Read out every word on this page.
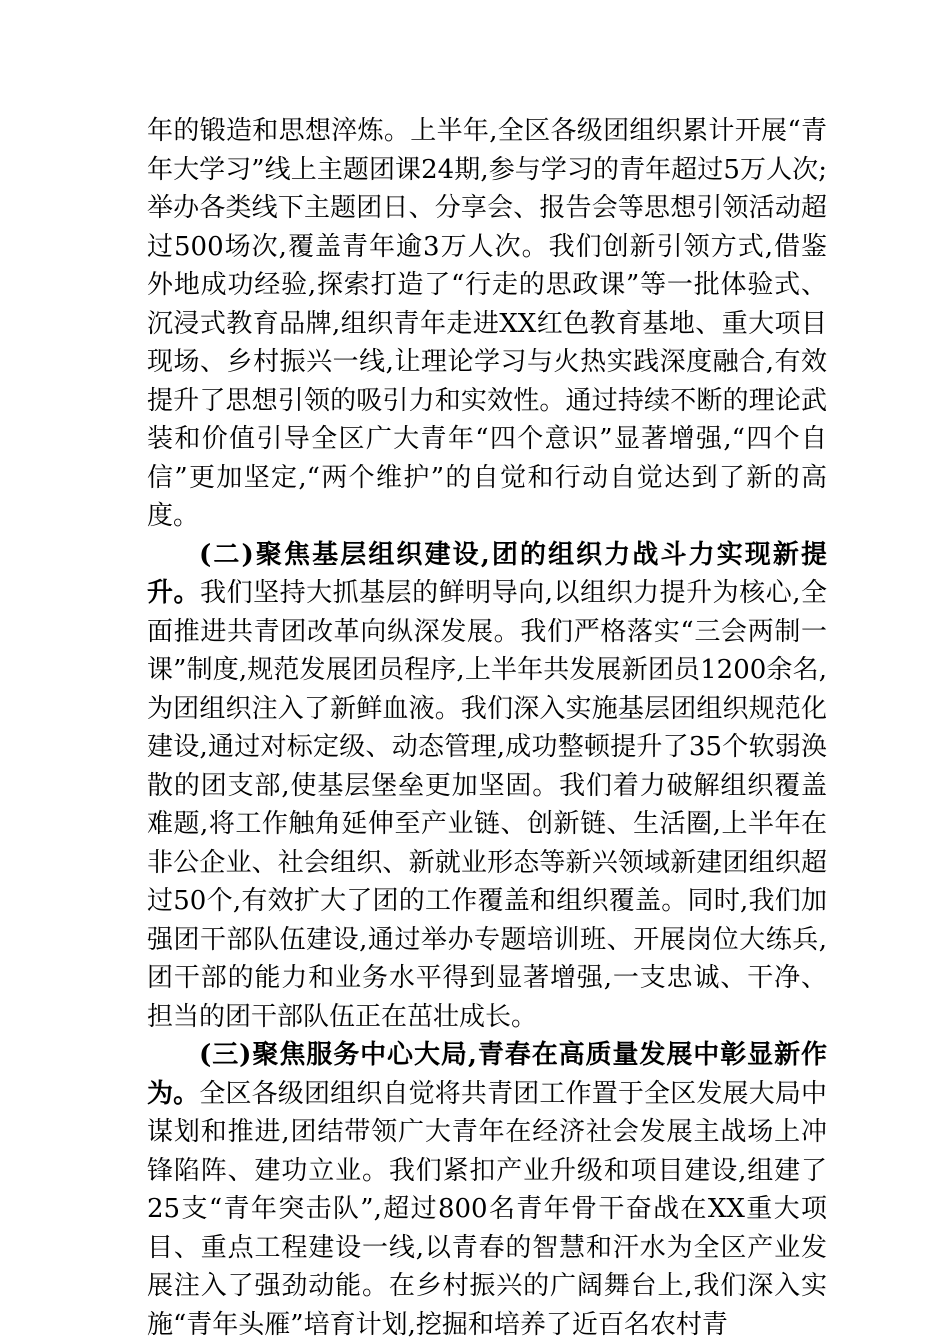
年的锻造和思想淬炼。上半年,全区各级团组织累计开展“青年大学习”线上主题团课24期,参与学习的青年超过5万人次;举办各类线下主题团日、分享会、报告会等思想引领活动超过500场次,覆盖青年逾3万人次。我们创新引领方式,借鉴外地成功经验,探索打造了“行走的思政课”等一批体验式、沉浸式教育品牌,组织青年走进XX红色教育基地、重大项目现场、乡村振兴一线,让理论学习与火热实践深度融合,有效提升了思想引领的吸引力和实效性。通过持续不断的理论武装和价值引导全区广大青年“四个意识”显著增强,“四个自信”更加坚定,“两个维护”的自觉和行动自觉达到了新的高度。

(二)聚焦基层组织建设,团的组织力战斗力实现新提升。我们坚持大抓基层的鲜明导向,以组织力提升为核心,全面推进共青团改革向纵深发展。我们严格落实“三会两制一课”制度,规范发展团员程序,上半年共发展新团员1200余名,为团组织注入了新鲜血液。我们深入实施基层团组织规范化建设,通过对标定级、动态管理,成功整顿提升了35个软弱涣散的团支部,使基层堡垒更加坚固。我们着力破解组织覆盖难题,将工作触角延伸至产业链、创新链、生活圈,上半年在非公企业、社会组织、新就业形态等新兴领域新建团组织超过50个,有效扩大了团的工作覆盖和组织覆盖。同时,我们加强团干部队伍建设,通过举办专题培训班、开展岗位大练兵,团干部的能力和业务水平得到显著增强,一支忠诚、干净、担当的团干部队伍正在茁壮成长。

(三)聚焦服务中心大局,青春在高质量发展中彰显新作为。全区各级团组织自觉将共青团工作置于全区发展大局中谋划和推进,团结带领广大青年在经济社会发展主战场上冲锋陷阵、建功立业。我们紧扣产业升级和项目建设,组建了25支“青年突击队”,超过800名青年骨干奋战在XX重大项目、重点工程建设一线,以青春的智慧和汗水为全区产业发展注入了强劲动能。在乡村振兴的广阔舞台上,我们深入实施“青年头雁”培育计划,挖掘和培养了近百名农村青
